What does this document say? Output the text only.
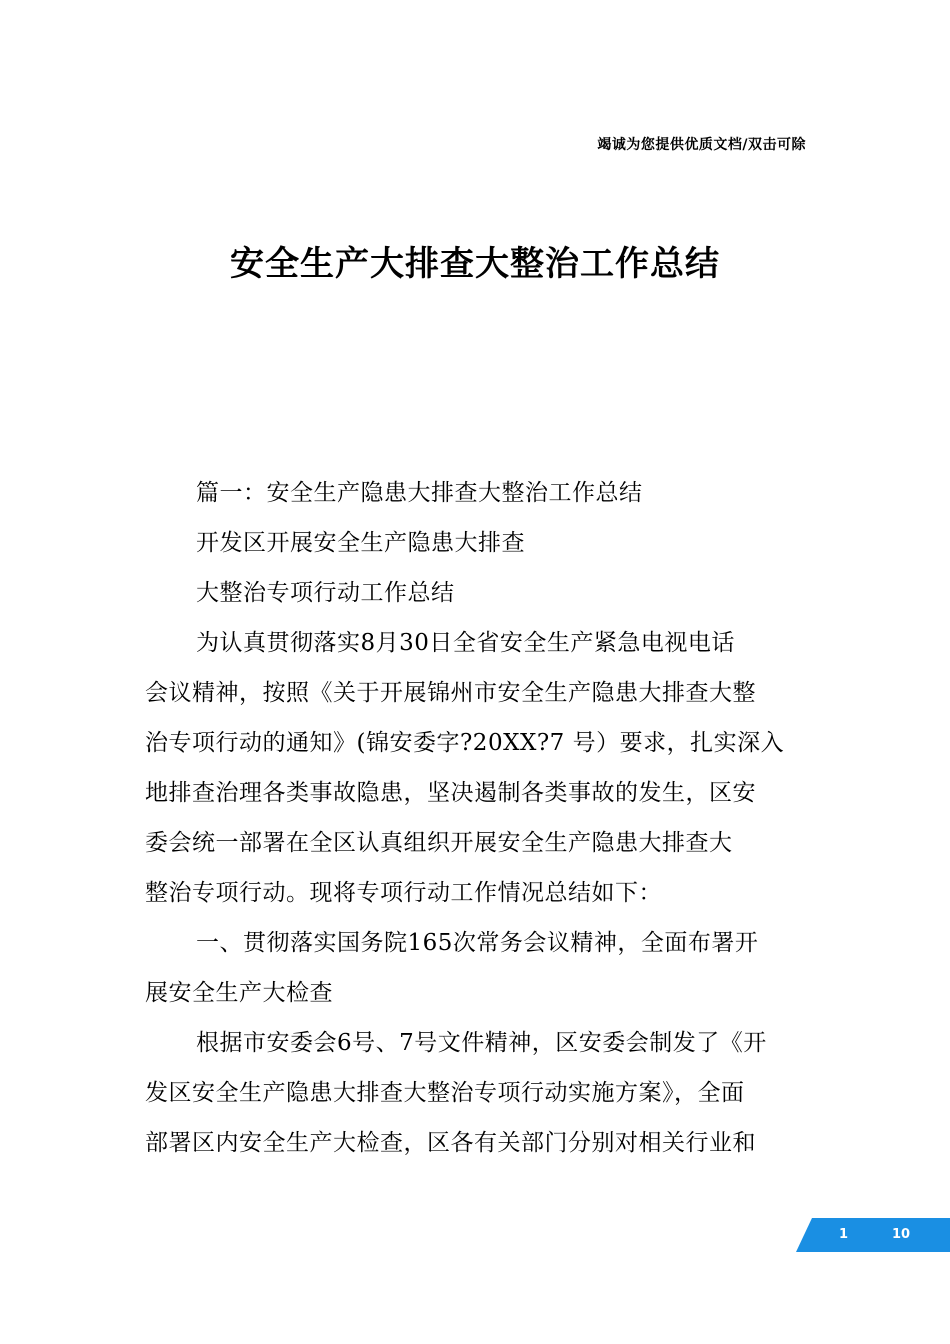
竭诚为您提供优质文档/双击可除
安全生产大排查大整治工作总结
篇一：安全生产隐患大排查大整治工作总结
开发区开展安全生产隐患大排查
大整治专项行动工作总结
为认真贯彻落实8月30日全省安全生产紧急电视电话
会议精神，按照《关于开展锦州市安全生产隐患大排查大整
治专项行动的通知》(锦安委字?20XX?7 号）要求，扎实深入
地排查治理各类事故隐患，坚决遏制各类事故的发生，区安
委会统一部署在全区认真组织开展安全生产隐患大排查大
整治专项行动。现将专项行动工作情况总结如下：
一、贯彻落实国务院165次常务会议精神，全面布署开
展安全生产大检查
根据市安委会6号、7号文件精神，区安委会制发了《开
发区安全生产隐患大排查大整治专项行动实施方案》，全面
部署区内安全生产大检查，区各有关部门分别对相关行业和
1	10
